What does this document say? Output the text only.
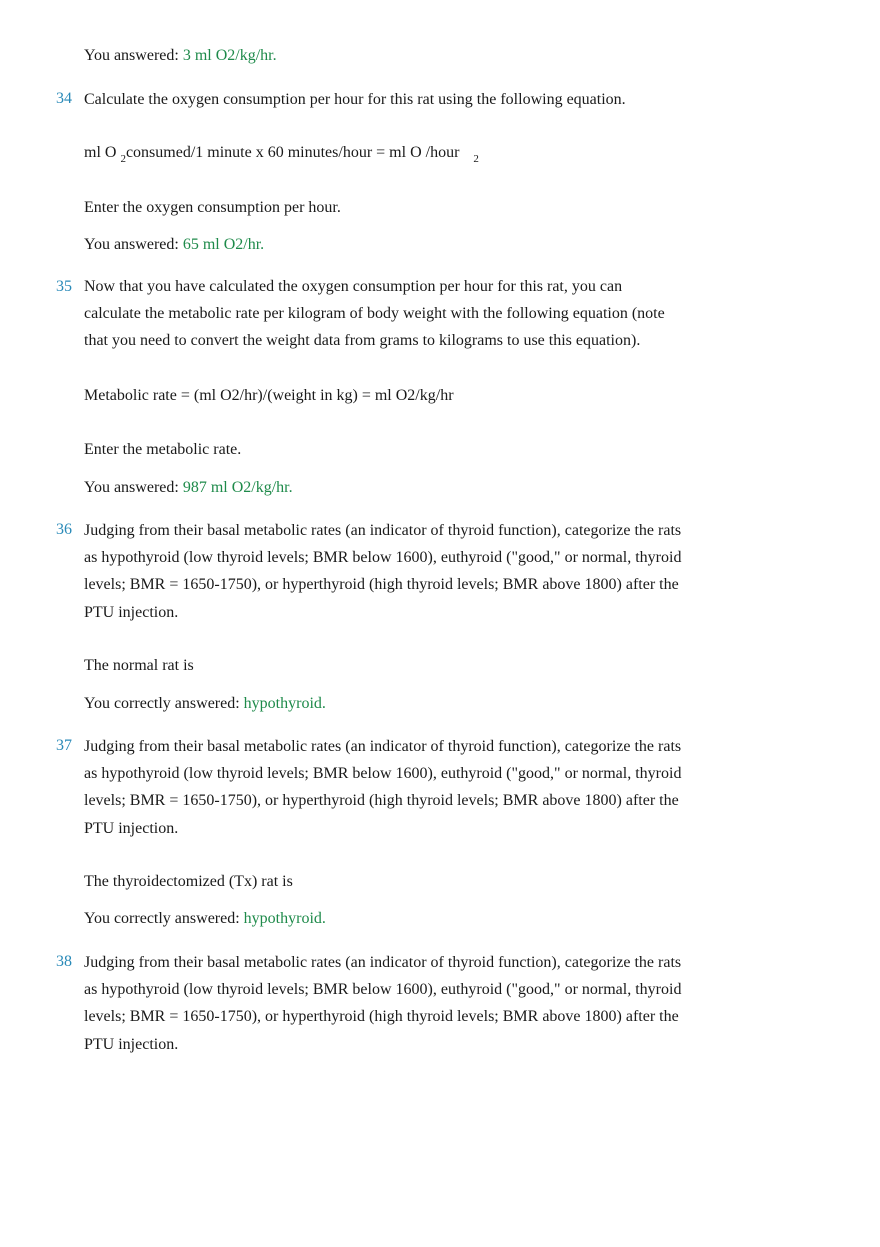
You answered: 3 ml O2/kg/hr.
34 Calculate the oxygen consumption per hour for this rat using the following equation.
ml O $_2$consumed/1 minute x 60 minutes/hour = ml O /hour $_2$
Enter the oxygen consumption per hour.
You answered: 65 ml O2/hr.
35 Now that you have calculated the oxygen consumption per hour for this rat, you can
calculate the metabolic rate per kilogram of body weight with the following equation (note
that you need to convert the weight data from grams to kilograms to use this equation).
Metabolic rate = (ml O2/hr)/(weight in kg) = ml O2/kg/hr
Enter the metabolic rate.
You answered: 987 ml O2/kg/hr.
36 Judging from their basal metabolic rates (an indicator of thyroid function), categorize the rats
as hypothyroid (low thyroid levels; BMR below 1600), euthyroid ("good," or normal, thyroid
levels; BMR = 1650-1750), or hyperthyroid (high thyroid levels; BMR above 1800) after the
PTU injection.
The normal rat is
You correctly answered: hypothyroid.
37 Judging from their basal metabolic rates (an indicator of thyroid function), categorize the rats
as hypothyroid (low thyroid levels; BMR below 1600), euthyroid ("good," or normal, thyroid
levels; BMR = 1650-1750), or hyperthyroid (high thyroid levels; BMR above 1800) after the
PTU injection.
The thyroidectomized (Tx) rat is
You correctly answered: hypothyroid.
38 Judging from their basal metabolic rates (an indicator of thyroid function), categorize the rats
as hypothyroid (low thyroid levels; BMR below 1600), euthyroid ("good," or normal, thyroid
levels; BMR = 1650-1750), or hyperthyroid (high thyroid levels; BMR above 1800) after the
PTU injection.
